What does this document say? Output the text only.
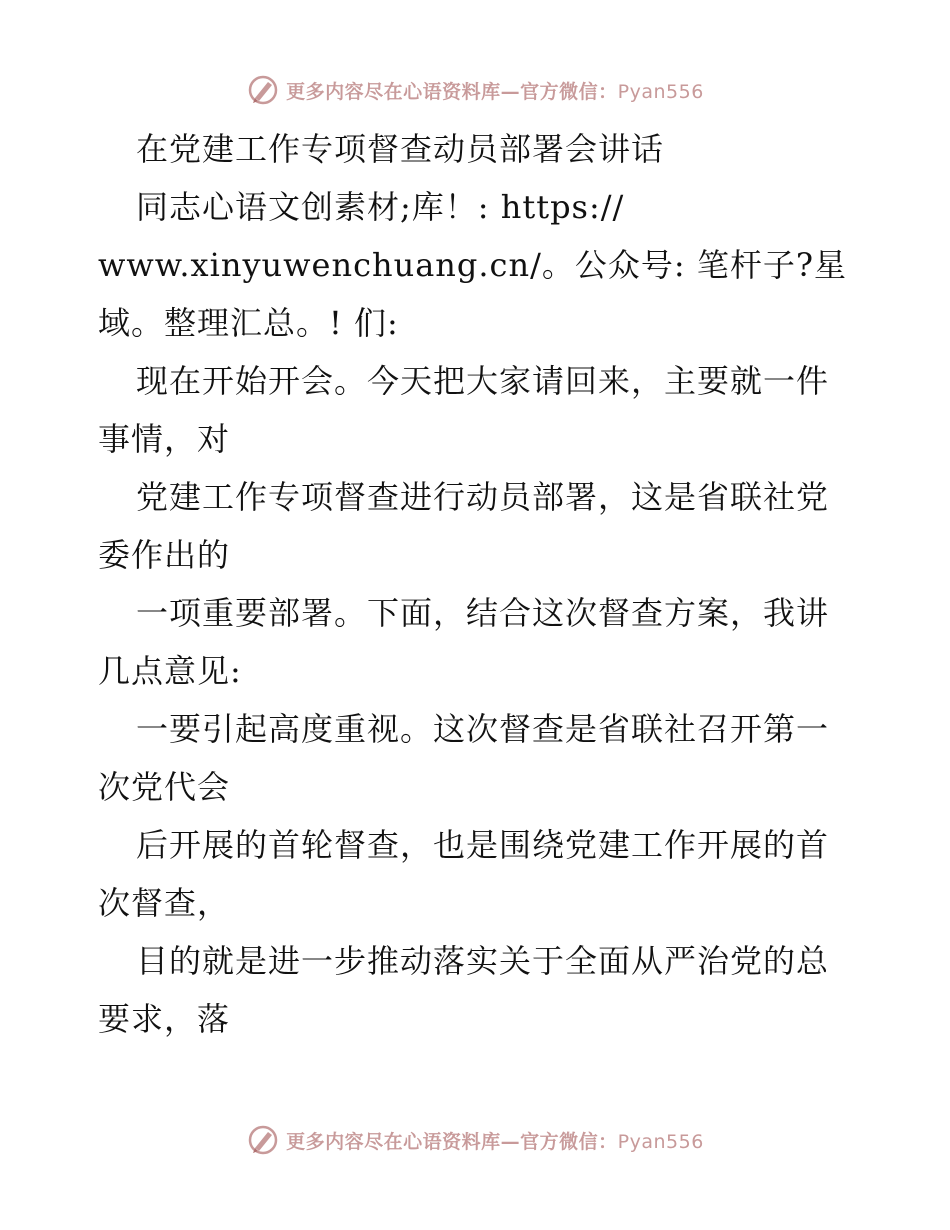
更多内容尽在心语资料库—官方微信：Pyan556
在党建工作专项督查动员部署会讲话
同志心语文创素材;库！: https://
www.xinyuwenchuang.cn/。公众号: 笔杆子?星
域。整理汇总。! 们:
现在开始开会。今天把大家请回来，主要就一件
事情，对
党建工作专项督查进行动员部署，这是省联社党
委作出的
一项重要部署。下面，结合这次督查方案，我讲
几点意见:
一要引起高度重视。这次督查是省联社召开第一
次党代会
后开展的首轮督查，也是围绕党建工作开展的首
次督查，
目的就是进一步推动落实关于全面从严治党的总
要求，落
更多内容尽在心语资料库—官方微信：Pyan556
